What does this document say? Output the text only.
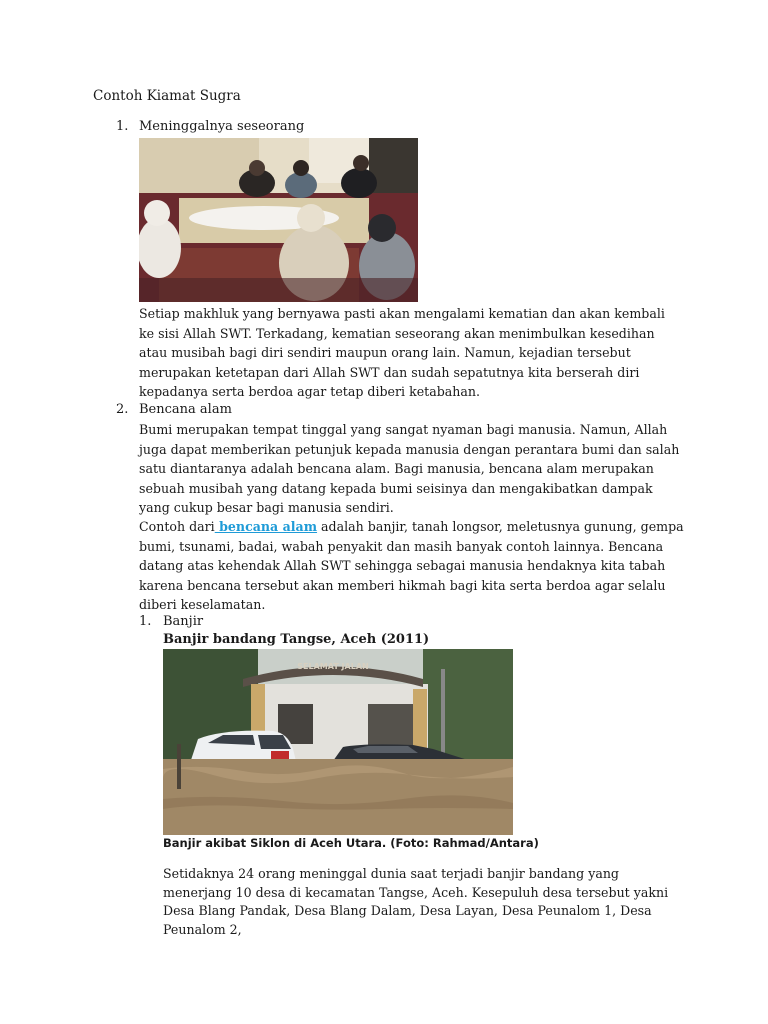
Contoh Kiamat Sugra
1. Meninggalnya seseorang

Setiap makhluk yang bernyawa pasti akan mengalami kematian dan akan kembali ke sisi Allah SWT. Terkadang, kematian seseorang akan menimbulkan kesedihan atau musibah bagi diri sendiri maupun orang lain. Namun, kejadian tersebut merupakan ketetapan dari Allah SWT dan sudah sepatutnya kita berserah diri kepadanya serta berdoa agar tetap diberi ketabahan.

2. Bencana alam

Bumi merupakan tempat tinggal yang sangat nyaman bagi manusia. Namun, Allah juga dapat memberikan petunjuk kepada manusia dengan perantara bumi dan salah satu diantaranya adalah bencana alam. Bagi manusia, bencana alam merupakan sebuah musibah yang datang kepada bumi seisinya dan mengakibatkan dampak yang cukup besar bagi manusia sendiri.

Contoh dari bencana alam adalah banjir, tanah longsor, meletusnya gunung, gempa bumi, tsunami, badai, wabah penyakit dan masih banyak contoh lainnya. Bencana datang atas kehendak Allah SWT sehingga sebagai manusia hendaknya kita tabah karena bencana tersebut akan memberi hikmah bagi kita serta berdoa agar selalu diberi keselamatan.

1. Banjir
Banjir bandang Tangse, Aceh (2011)
SELAMAT JALAN
Banjir akibat Siklon di Aceh Utara. (Foto: Rahmad/Antara)

Setidaknya 24 orang meninggal dunia saat terjadi banjir bandang yang menerjang 10 desa di kecamatan Tangse, Aceh. Kesepuluh desa tersebut yakni Desa Blang Pandak, Desa Blang Dalam, Desa Layan, Desa Peunalom 1, Desa Peunalom 2,
